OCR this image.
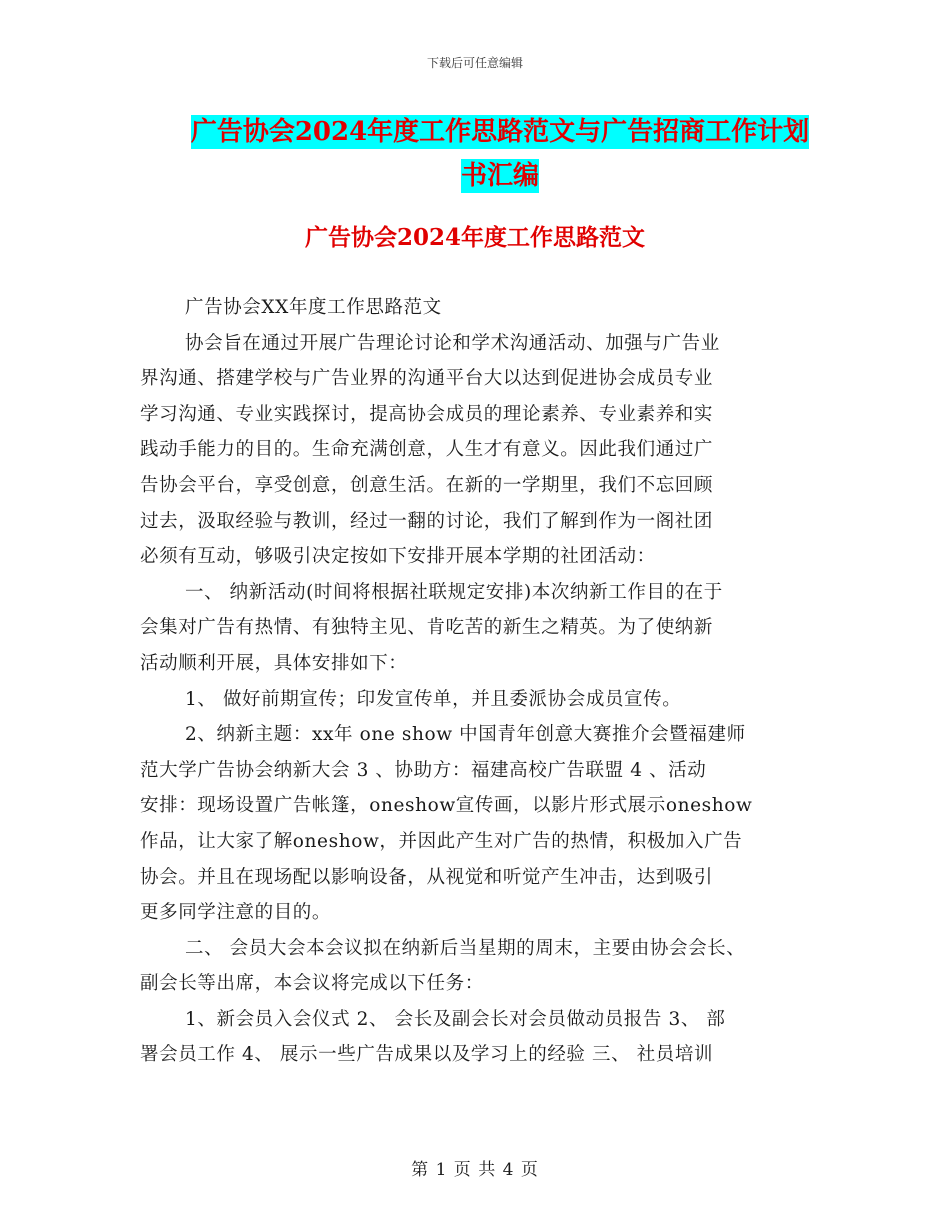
下载后可任意编辑
广告协会2024年度工作思路范文与广告招商工作计划
书汇编
广告协会2024年度工作思路范文

广告协会XX年度工作思路范文

协会旨在通过开展广告理论讨论和学术沟通活动、加强与广告业

界沟通、搭建学校与广告业界的沟通平台大以达到促进协会成员专业

学习沟通、专业实践探讨，提高协会成员的理论素养、专业素养和实

践动手能力的目的。生命充满创意，人生才有意义。因此我们通过广

告协会平台，享受创意，创意生活。在新的一学期里，我们不忘回顾

过去，汲取经验与教训，经过一翻的讨论，我们了解到作为一阁社团

必须有互动，够吸引决定按如下安排开展本学期的社团活动：

一、 纳新活动(时间将根据社联规定安排)本次纳新工作目的在于

会集对广告有热情、有独特主见、肯吃苦的新生之精英。为了使纳新

活动顺利开展，具体安排如下：

1、 做好前期宣传；印发宣传单，并且委派协会成员宣传。

2、纳新主题：xx年 one show 中国青年创意大赛推介会暨福建师

范大学广告协会纳新大会 3 、协助方：福建高校广告联盟 4 、活动

安排：现场设置广告帐篷，oneshow宣传画，以影片形式展示oneshow

作品，让大家了解oneshow，并因此产生对广告的热情，积极加入广告

协会。并且在现场配以影响设备，从视觉和听觉产生冲击，达到吸引

更多同学注意的目的。

二、 会员大会本会议拟在纳新后当星期的周末，主要由协会会长、

副会长等出席，本会议将完成以下任务：

1、新会员入会仪式 2、 会长及副会长对会员做动员报告 3、 部

署会员工作 4、 展示一些广告成果以及学习上的经验 三、 社员培训

第 1 页 共 4 页
